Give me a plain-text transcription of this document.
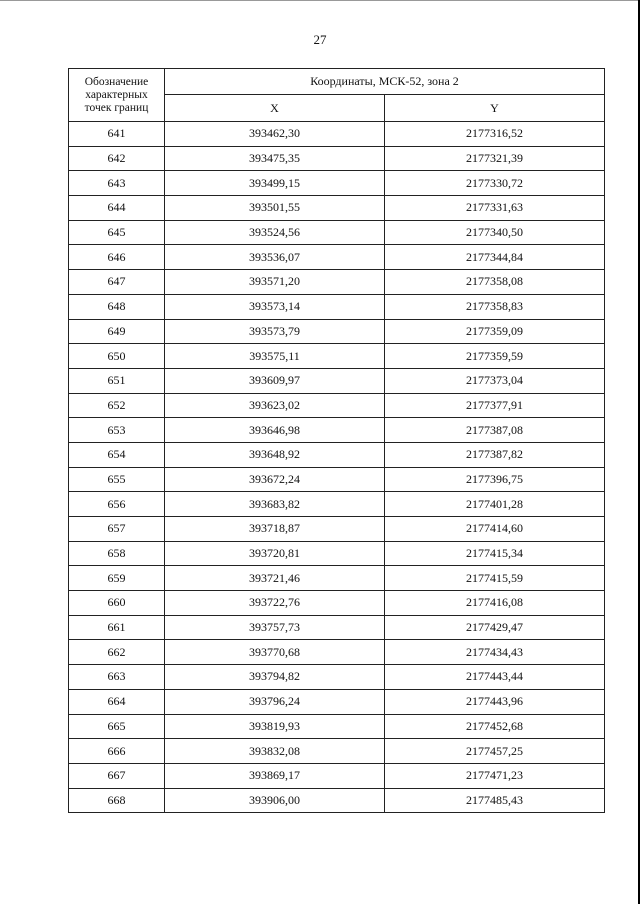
27
Обозначение
характерных
точек границ	Координаты, МСК-52, зона 2	
	X	Y
641	393462,30	2177316,52
642	393475,35	2177321,39
643	393499,15	2177330,72
644	393501,55	2177331,63
645	393524,56	2177340,50
646	393536,07	2177344,84
647	393571,20	2177358,08
648	393573,14	2177358,83
649	393573,79	2177359,09
650	393575,11	2177359,59
651	393609,97	2177373,04
652	393623,02	2177377,91
653	393646,98	2177387,08
654	393648,92	2177387,82
655	393672,24	2177396,75
656	393683,82	2177401,28
657	393718,87	2177414,60
658	393720,81	2177415,34
659	393721,46	2177415,59
660	393722,76	2177416,08
661	393757,73	2177429,47
662	393770,68	2177434,43
663	393794,82	2177443,44
664	393796,24	2177443,96
665	393819,93	2177452,68
666	393832,08	2177457,25
667	393869,17	2177471,23
668	393906,00	2177485,43
